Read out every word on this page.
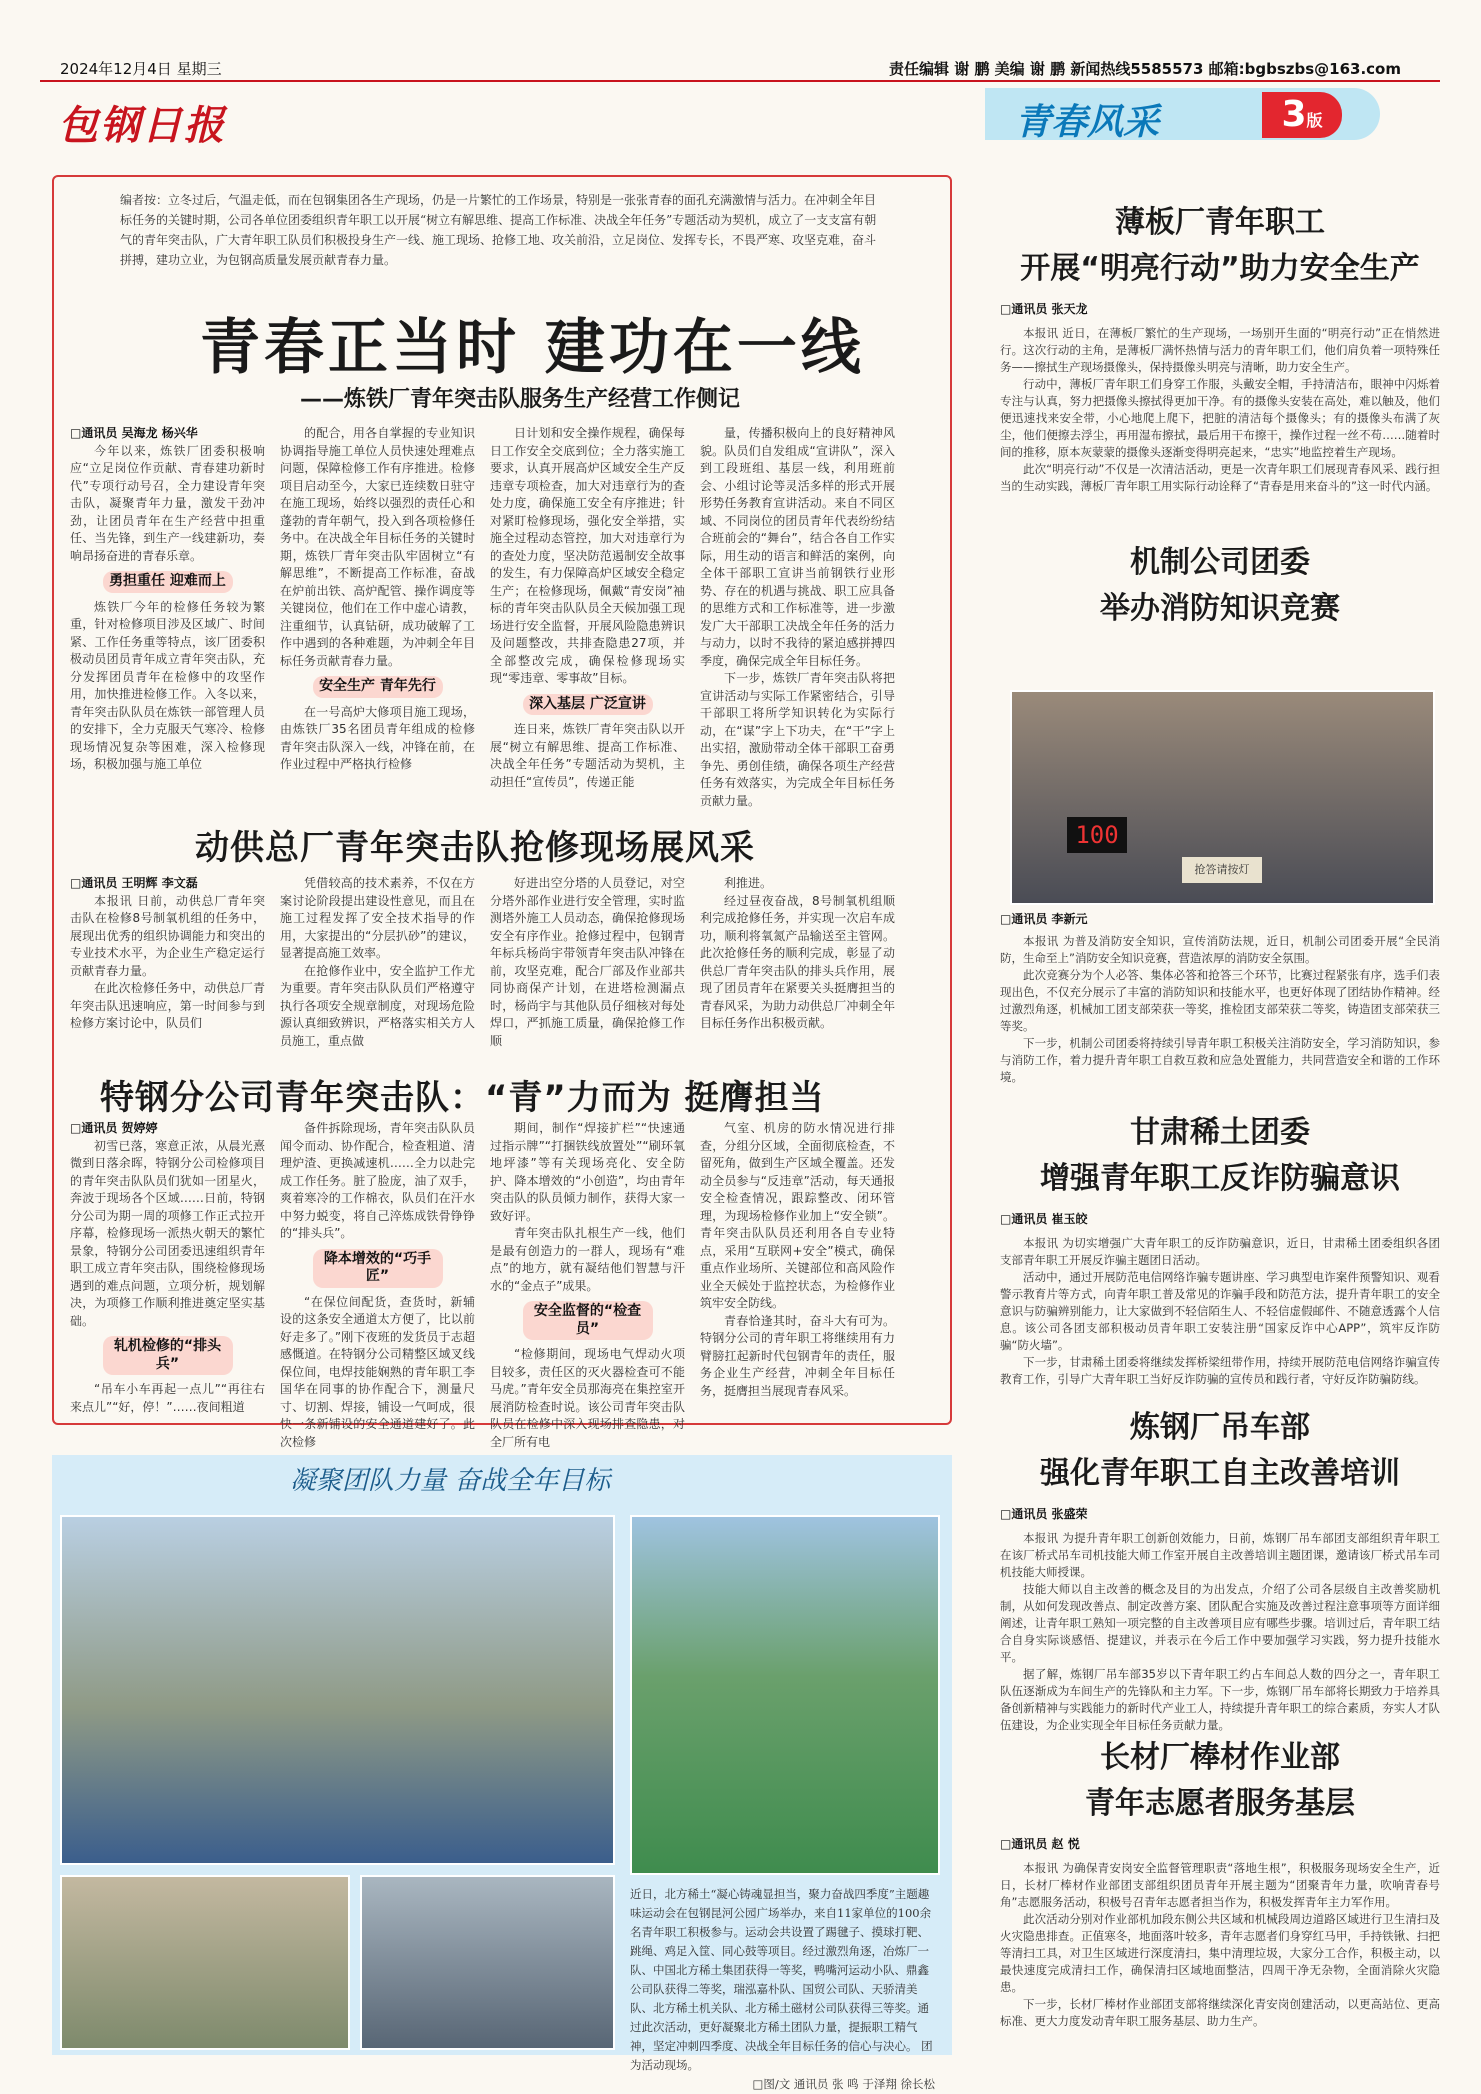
2024年12月4日 星期三	责任编辑 谢 鹏 美编 谢 鹏 新闻热线5585573 邮箱:bgbszbs@163.com
包钢日报	青春风采	3版
编者按：立冬过后，气温走低，而在包钢集团各生产现场，仍是一片繁忙的工作场景，特别是一张张青春的面孔充满激情与活力。在冲刺全年目标任务的关键时期，公司各单位团委组织青年职工以开展“树立有解思维、提高工作标准、决战全年任务”专题活动为契机，成立了一支支富有朝气的青年突击队，广大青年职工队员们积极投身生产一线、施工现场、抢修工地、攻关前沿，立足岗位、发挥专长，不畏严寒、攻坚克难，奋斗拼搏，建功立业，为包钢高质量发展贡献青春力量。
青春正当时 建功在一线
——炼铁厂青年突击队服务生产经营工作侧记
□通讯员 吴海龙 杨兴华

今年以来，炼铁厂团委积极响应“立足岗位作贡献、青春建功新时代”专项行动号召，全力建设青年突击队，凝聚青年力量，激发干劲冲劲，让团员青年在生产经营中担重任、当先锋，到生产一线建新功，奏响昂扬奋进的青春乐章。

勇担重任 迎难而上

炼铁厂今年的检修任务较为繁重，针对检修项目涉及区域广、时间紧、工作任务重等特点，该厂团委积极动员团员青年成立青年突击队，充分发挥团员青年在检修中的攻坚作用，加快推进检修工作。入冬以来，青年突击队队员在炼铁一部管理人员的安排下，全力克服天气寒冷、检修现场情况复杂等困难，深入检修现场，积极加强与施工单位

的配合，用各自掌握的专业知识协调指导施工单位人员快速处理难点问题，保障检修工作有序推进。检修项目启动至今，大家已连续数日驻守在施工现场，始终以强烈的责任心和蓬勃的青年朝气，投入到各项检修任务中。在决战全年目标任务的关键时期，炼铁厂青年突击队牢固树立“有解思维”，不断提高工作标准，奋战在炉前出铁、高炉配管、操作调度等关键岗位，他们在工作中虚心请教，注重细节，认真钻研，成功破解了工作中遇到的各种难题，为冲刺全年目标任务贡献青春力量。

安全生产 青年先行

在一号高炉大修项目施工现场，由炼铁厂35名团员青年组成的检修青年突击队深入一线，冲锋在前，在作业过程中严格执行检修

日计划和安全操作规程，确保每日工作安全交底到位；全力落实施工要求，认真开展高炉区域安全生产反违章专项检查，加大对违章行为的查处力度，确保施工安全有序推进；针对紧盯检修现场，强化安全举措，实施全过程动态管控，加大对违章行为的查处力度，坚决防范遏制安全故事的发生，有力保障高炉区域安全稳定生产；在检修现场，佩戴“青安岗”袖标的青年突击队队员全天候加强工现场进行安全监督，开展风险隐患辨识及问题整改，共排查隐患27项，并全部整改完成，确保检修现场实现“零违章、零事故”目标。

深入基层 广泛宣讲

连日来，炼铁厂青年突击队以开展“树立有解思维、提高工作标准、决战全年任务”专题活动为契机，主动担任“宣传员”，传递正能

量，传播积极向上的良好精神风貌。队员们自发组成“宣讲队”，深入到工段班组、基层一线，利用班前会、小组讨论等灵活多样的形式开展形势任务教育宣讲活动。来自不同区域、不同岗位的团员青年代表纷纷结合班前会的“舞台”，结合各自工作实际，用生动的语言和鲜活的案例，向全体干部职工宣讲当前钢铁行业形势、存在的机遇与挑战、职工应具备的思维方式和工作标准等，进一步激发广大干部职工决战全年任务的活力与动力，以时不我待的紧迫感拼搏四季度，确保完成全年目标任务。

下一步，炼铁厂青年突击队将把宣讲活动与实际工作紧密结合，引导干部职工将所学知识转化为实际行动，在“谋”字上下功夫，在“干”字上出实招，激励带动全体干部职工奋勇争先、勇创佳绩，确保各项生产经营任务有效落实，为完成全年目标任务贡献力量。

动供总厂青年突击队抢修现场展风采
□通讯员 王明辉 李文磊

本报讯 日前，动供总厂青年突击队在检修8号制氧机组的任务中，展现出优秀的组织协调能力和突出的专业技术水平，为企业生产稳定运行贡献青春力量。

在此次检修任务中，动供总厂青年突击队迅速响应，第一时间参与到检修方案讨论中，队员们

凭借较高的技术素养，不仅在方案讨论阶段提出建设性意见，而且在施工过程发挥了安全技术指导的作用，大家提出的“分层扒砂”的建议，显著提高施工效率。

在抢修作业中，安全监护工作尤为重要。青年突击队队员们严格遵守执行各项安全规章制度，对现场危险源认真细致辨识，严格落实相关方人员施工，重点做

好进出空分塔的人员登记，对空分塔外部作业进行安全管理，实时监测塔外施工人员动态，确保抢修现场安全有序作业。抢修过程中，包钢青年标兵杨尚宇带领青年突击队冲锋在前，攻坚克难，配合厂部及作业部共同协商保产计划，在进塔检测漏点时，杨尚宇与其他队员仔细核对每处焊口，严抓施工质量，确保抢修工作顺

利推进。

经过昼夜奋战，8号制氧机组顺利完成抢修任务，并实现一次启车成功，顺利将氧氮产品输送至主管网。此次抢修任务的顺利完成，彰显了动供总厂青年突击队的排头兵作用，展现了团员青年在紧要关头挺膺担当的青春风采，为助力动供总厂冲刺全年目标任务作出积极贡献。

特钢分公司青年突击队：“青”力而为 挺膺担当
□通讯员 贺婷婷

初雪已落，寒意正浓，从晨光熹微到日落余晖，特钢分公司检修项目的青年突击队队员们犹如一团星火，奔波于现场各个区域……日前，特钢分公司为期一周的项修工作正式拉开序幕，检修现场一派热火朝天的繁忙景象，特钢分公司团委迅速组织青年职工成立青年突击队，围绕检修现场遇到的难点问题，立项分析，规划解决，为项修工作顺利推进奠定坚实基础。

轧机检修的“排头兵”

“吊车小车再起一点儿”“再往右来点儿”“好，停！”……夜间粗道

备件拆除现场，青年突击队队员闻令而动、协作配合，检查粗道、清理炉渣、更换减速机……全力以赴完成工作任务。脏了脸庞，油了双手，爽着寒冷的工作棉衣，队员们在汗水中努力蜕变，将自己淬炼成铁骨铮铮的“排头兵”。

降本增效的“巧手匠”

“在保位间配货，查货时，新辅设的这条安全通道太方便了，比以前好走多了。”刚下夜班的发货员于志超感慨道。在特钢分公司精整区域叉线保位间，电焊技能娴熟的青年职工李国华在同事的协作配合下，测量尺寸、切割、焊接，铺设一气呵成，很快一条新铺设的安全通道建好了。此次检修

期间，制作“焊接扩栏”“快速通过指示牌”“打捆铁线放置处”“刷环氧地坪漆”等有关现场亮化、安全防护、降本增效的“小创造”，均由青年突击队的队员倾力制作，获得大家一致好评。

青年突击队扎根生产一线，他们是最有创造力的一群人，现场有“难点”的地方，就有凝结他们智慧与汗水的“金点子”成果。

安全监督的“检查员”

“检修期间，现场电气焊动火项目较多，责任区的灭火器检查可不能马虎。”青年安全员那海亮在集控室开展消防检查时说。该公司青年突击队队员在检修中深入现场排查隐患，对全厂所有电

气室、机房的防水情况进行排查，分组分区域，全面彻底检查，不留死角，做到生产区域全覆盖。还发动全员参与“反违章”活动，每天通报安全检查情况，跟踪整改、闭环管理，为现场检修作业加上“安全锁”。青年突击队队员还利用各自专业特点，采用“互联网+安全”模式，确保重点作业场所、关键部位和高风险作业全天候处于监控状态，为检修作业筑牢安全防线。

青春恰逢其时，奋斗大有可为。特钢分公司的青年职工将继续用有力臂膀扛起新时代包钢青年的责任，服务企业生产经营，冲刺全年目标任务，挺膺担当展现青春风采。

凝聚团队力量 奋战全年目标
近日，北方稀土“凝心铸魂显担当，聚力奋战四季度”主题趣味运动会在包钢昆河公园广场举办，来自11家单位的100余名青年职工积极参与。运动会共设置了踢毽子、摸球打靶、跳绳、鸡足入筐、同心鼓等项目。经过激烈角逐，冶炼厂一队、中国北方稀土集团获得一等奖，鸭嘴河运动小队、鼎鑫公司队获得二等奖，瑞泓嘉朴队、国贸公司队、天骄清美队、北方稀土机关队、北方稀土磁材公司队获得三等奖。通过此次活动，更好凝聚北方稀土团队力量，提振职工精气神，坚定冲刺四季度、决战全年目标任务的信心与决心。 团为活动现场。
□图/文 通讯员 张 鸣 于泽翔 徐长松
薄板厂青年职工
开展“明亮行动”助力安全生产
□通讯员 张天龙

本报讯 近日，在薄板厂繁忙的生产现场，一场别开生面的“明亮行动”正在悄然进行。这次行动的主角，是薄板厂满怀热情与活力的青年职工们，他们肩负着一项特殊任务——擦拭生产现场摄像头，保持摄像头明亮与清晰，助力安全生产。

行动中，薄板厂青年职工们身穿工作服，头戴安全帽，手持清洁布，眼神中闪烁着专注与认真，努力把摄像头擦拭得更加干净。有的摄像头安装在高处，难以触及，他们便迅速找来安全带，小心地爬上爬下，把脏的清洁每个摄像头；有的摄像头布满了灰尘，他们便擦去浮尘，再用湿布擦拭，最后用干布擦干，操作过程一丝不苟……随着时间的推移，原本灰蒙蒙的摄像头逐渐变得明亮起来，“忠实”地监控着生产现场。

此次“明亮行动”不仅是一次清洁活动，更是一次青年职工们展现青春风采、践行担当的生动实践，薄板厂青年职工用实际行动诠释了“青春是用来奋斗的”这一时代内涵。

机制公司团委
举办消防知识竞赛
100
抢答请按灯
□通讯员 李新元

本报讯 为普及消防安全知识，宣传消防法规，近日，机制公司团委开展“全民消防，生命至上”消防安全知识竞赛，营造浓厚的消防安全氛围。

此次竞赛分为个人必答、集体必答和抢答三个环节，比赛过程紧张有序，选手们表现出色，不仅充分展示了丰富的消防知识和技能水平，也更好体现了团结协作精神。经过激烈角逐，机械加工团支部荣获一等奖，推检团支部荣获二等奖，铸造团支部荣获三等奖。

下一步，机制公司团委将持续引导青年职工积极关注消防安全，学习消防知识，参与消防工作，着力提升青年职工自救互救和应急处置能力，共同营造安全和谐的工作环境。

甘肃稀土团委
增强青年职工反诈防骗意识
□通讯员 崔玉皎

本报讯 为切实增强广大青年职工的反诈防骗意识，近日，甘肃稀土团委组织各团支部青年职工开展反诈骗主题团日活动。

活动中，通过开展防范电信网络诈骗专题讲座、学习典型电诈案件预警知识、观看警示教育片等方式，向青年职工普及常见的诈骗手段和防范方法，提升青年职工的安全意识与防骗辨别能力，让大家做到不轻信陌生人、不轻信虚假邮件、不随意透露个人信息。该公司各团支部积极动员青年职工安装注册“国家反诈中心APP”，筑牢反诈防骗“防火墙”。

下一步，甘肃稀土团委将继续发挥桥梁纽带作用，持续开展防范电信网络诈骗宣传教育工作，引导广大青年职工当好反诈防骗的宣传员和践行者，守好反诈防骗防线。

炼钢厂吊车部
强化青年职工自主改善培训
□通讯员 张盛荣

本报讯 为提升青年职工创新创效能力，日前，炼钢厂吊车部团支部组织青年职工在该厂桥式吊车司机技能大师工作室开展自主改善培训主题团课，邀请该厂桥式吊车司机技能大师授课。

技能大师以自主改善的概念及目的为出发点，介绍了公司各层级自主改善奖励机制，从如何发现改善点、制定改善方案、团队配合实施及改善过程注意事项等方面详细阐述，让青年职工熟知一项完整的自主改善项目应有哪些步骤。培训过后，青年职工结合自身实际谈感悟、提建议，并表示在今后工作中要加强学习实践，努力提升技能水平。

据了解，炼钢厂吊车部35岁以下青年职工约占车间总人数的四分之一，青年职工队伍逐渐成为车间生产的先锋队和主力军。下一步，炼钢厂吊车部将长期致力于培养具备创新精神与实践能力的新时代产业工人，持续提升青年职工的综合素质，夯实人才队伍建设，为企业实现全年目标任务贡献力量。

长材厂棒材作业部
青年志愿者服务基层
□通讯员 赵 悦

本报讯 为确保青安岗安全监督管理职责“落地生根”，积极服务现场安全生产，近日，长材厂棒材作业部团支部组织团员青年开展主题为“团聚青年力量，吹响青春号角”志愿服务活动，积极号召青年志愿者担当作为，积极发挥青年主力军作用。

此次活动分别对作业部机加段东侧公共区域和机械段周边道路区域进行卫生清扫及火灾隐患排查。正值寒冬，地面落叶较多，青年志愿者们身穿红马甲，手持铁锹、扫把等清扫工具，对卫生区域进行深度清扫，集中清理垃圾，大家分工合作，积极主动，以最快速度完成清扫工作，确保清扫区域地面整洁，四周干净无杂物，全面消除火灾隐患。

下一步，长材厂棒材作业部团支部将继续深化青安岗创建活动，以更高站位、更高标准、更大力度发动青年职工服务基层、助力生产。
